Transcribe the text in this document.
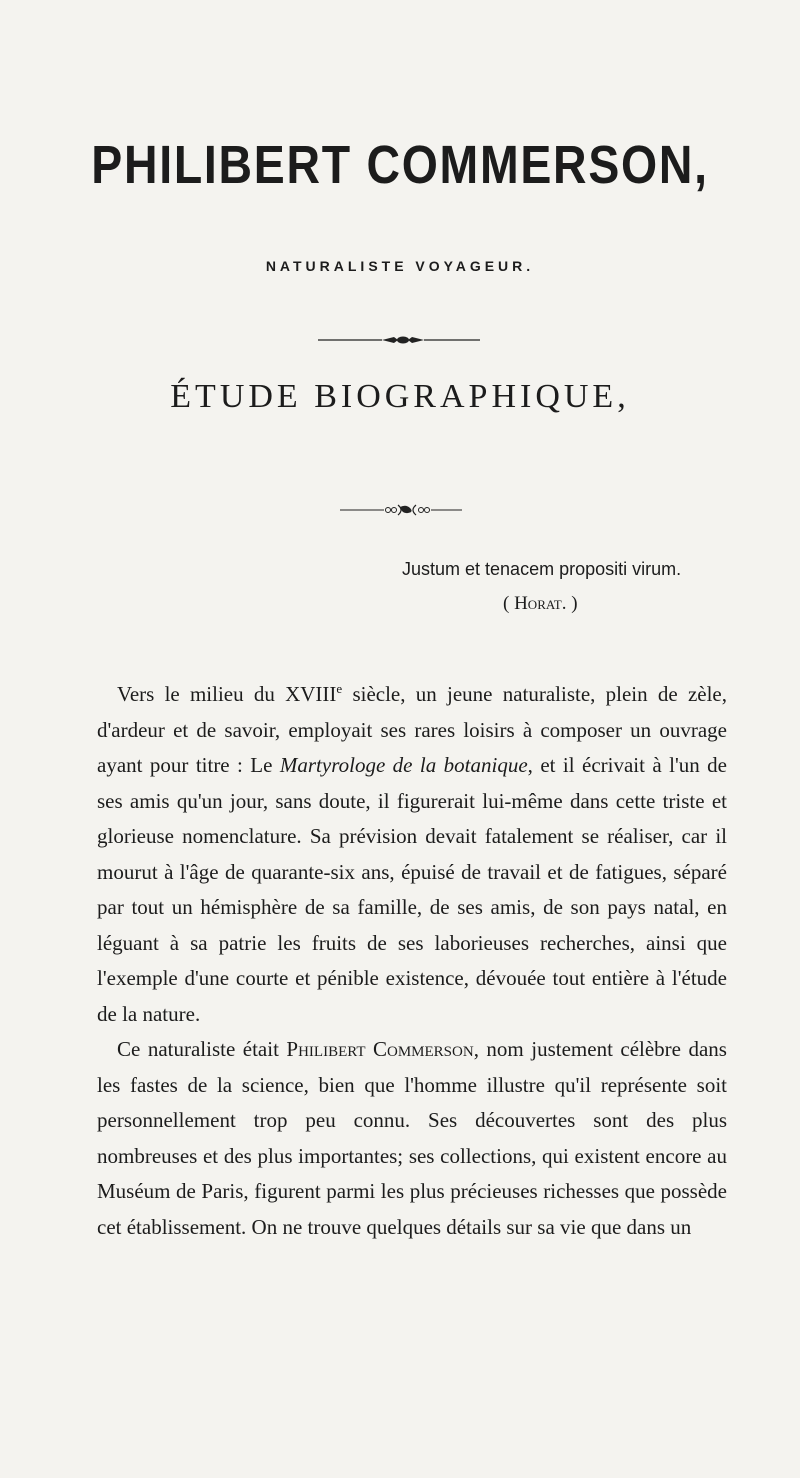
PHILIBERT COMMERSON,
NATURALISTE VOYAGEUR.
ÉTUDE BIOGRAPHIQUE,
Justum et tenacem propositi virum.
( Horat. )

Vers le milieu du XVIIIe siècle, un jeune naturaliste, plein de zèle, d'ardeur et de savoir, employait ses rares loisirs à composer un ouvrage ayant pour titre : Le Martyrologe de la botanique, et il écrivait à l'un de ses amis qu'un jour, sans doute, il figurerait lui-même dans cette triste et glorieuse nomenclature. Sa prévision devait fatalement se réaliser, car il mourut à l'âge de quarante-six ans, épuisé de travail et de fatigues, séparé par tout un hémisphère de sa famille, de ses amis, de son pays natal, en léguant à sa patrie les fruits de ses laborieuses recherches, ainsi que l'exemple d'une courte et pénible existence, dévouée tout entière à l'étude de la nature.

Ce naturaliste était Philibert Commerson, nom justement célèbre dans les fastes de la science, bien que l'homme illustre qu'il représente soit personnellement trop peu connu. Ses découvertes sont des plus nombreuses et des plus importantes; ses collections, qui existent encore au Muséum de Paris, figurent parmi les plus précieuses richesses que possède cet établissement. On ne trouve quelques détails sur sa vie que dans un
